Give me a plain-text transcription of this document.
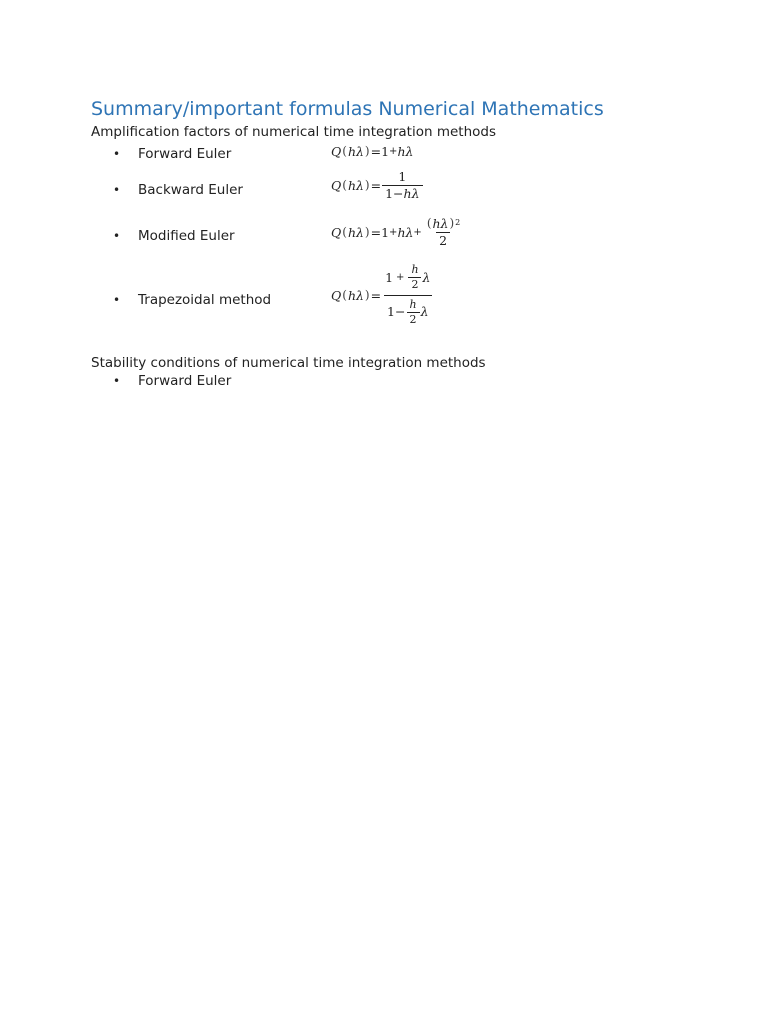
Summary/important formulas Numerical Mathematics
Amplification factors of numerical time integration methods
• Forward Euler	Q ( hλ ) = 1 + hλ
• Backward Euler	Q ( hλ ) = $\frac{1}{1 - h\lambda}$
• Modified Euler	Q ( hλ ) = $1 + h\lambda + \frac{( h\lambda ) 2}{2}$
• Trapezoidal method	Q ( hλ ) = $\frac{1 + \frac{h}{2} \lambda}{1 - \frac{h}{2} \lambda}$
Stability conditions of numerical time integration methods
• Forward Euler
